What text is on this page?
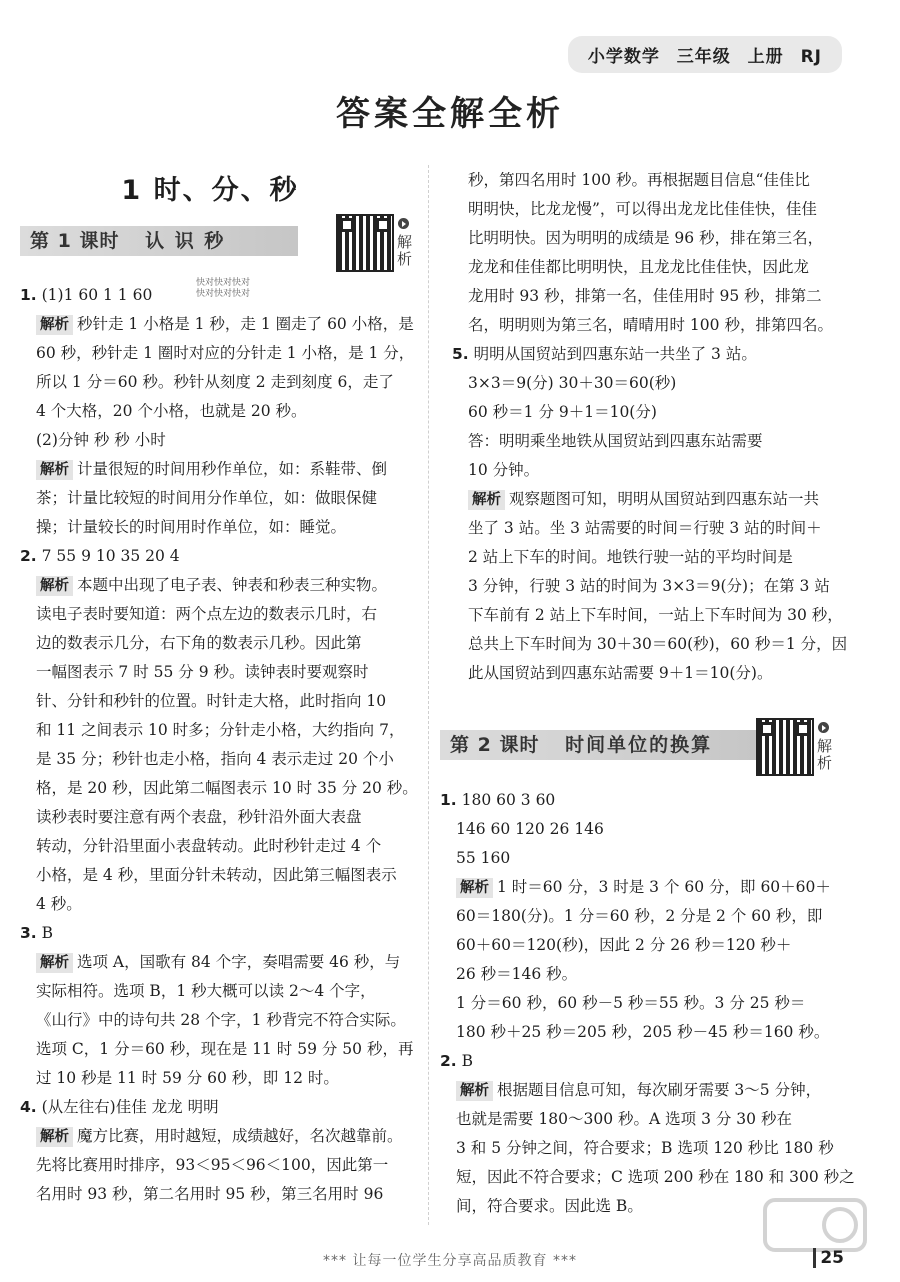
小学数学 三年级 上册 RJ
答案全解全析
1 时、分、秒
第 1 课时 认 识 秒	解析
快对快对快对
快对快对快对
1. (1)1 60 1 1 60
解析 秒针走 1 小格是 1 秒，走 1 圈走了 60 小格，是
60 秒，秒针走 1 圈时对应的分针走 1 小格，是 1 分，
所以 1 分＝60 秒。秒针从刻度 2 走到刻度 6，走了
4 个大格，20 个小格，也就是 20 秒。
(2)分钟 秒 秒 小时
解析 计量很短的时间用秒作单位，如：系鞋带、倒
茶；计量比较短的时间用分作单位，如：做眼保健
操；计量较长的时间用时作单位，如：睡觉。
2. 7 55 9 10 35 20 4
解析 本题中出现了电子表、钟表和秒表三种实物。
读电子表时要知道：两个点左边的数表示几时，右
边的数表示几分，右下角的数表示几秒。因此第
一幅图表示 7 时 55 分 9 秒。读钟表时要观察时
针、分针和秒针的位置。时针走大格，此时指向 10
和 11 之间表示 10 时多；分针走小格，大约指向 7，
是 35 分；秒针也走小格，指向 4 表示走过 20 个小
格，是 20 秒，因此第二幅图表示 10 时 35 分 20 秒。
读秒表时要注意有两个表盘，秒针沿外面大表盘
转动，分针沿里面小表盘转动。此时秒针走过 4 个
小格，是 4 秒，里面分针未转动，因此第三幅图表示
4 秒。
3. B
解析 选项 A，国歌有 84 个字，奏唱需要 46 秒，与
实际相符。选项 B，1 秒大概可以读 2～4 个字，
《山行》中的诗句共 28 个字，1 秒背完不符合实际。
选项 C，1 分＝60 秒，现在是 11 时 59 分 50 秒，再
过 10 秒是 11 时 59 分 60 秒，即 12 时。
4. (从左往右)佳佳 龙龙 明明
解析 魔方比赛，用时越短，成绩越好，名次越靠前。
先将比赛用时排序，93＜95＜96＜100，因此第一
名用时 93 秒，第二名用时 95 秒，第三名用时 96
秒，第四名用时 100 秒。再根据题目信息“佳佳比
明明快，比龙龙慢”，可以得出龙龙比佳佳快，佳佳
比明明快。因为明明的成绩是 96 秒，排在第三名，
龙龙和佳佳都比明明快，且龙龙比佳佳快，因此龙
龙用时 93 秒，排第一名，佳佳用时 95 秒，排第二
名，明明则为第三名，晴晴用时 100 秒，排第四名。
5. 明明从国贸站到四惠东站一共坐了 3 站。
3×3＝9(分) 30＋30＝60(秒)
60 秒＝1 分 9＋1＝10(分)
答：明明乘坐地铁从国贸站到四惠东站需要
10 分钟。
解析 观察题图可知，明明从国贸站到四惠东站一共
坐了 3 站。坐 3 站需要的时间＝行驶 3 站的时间＋
2 站上下车的时间。地铁行驶一站的平均时间是
3 分钟，行驶 3 站的时间为 3×3＝9(分)；在第 3 站
下车前有 2 站上下车时间，一站上下车时间为 30 秒，
总共上下车时间为 30＋30＝60(秒)，60 秒＝1 分，因
此从国贸站到四惠东站需要 9＋1＝10(分)。
第 2 课时 时间单位的换算	解析
1. 180 60 3 60
146 60 120 26 146
55 160
解析 1 时＝60 分，3 时是 3 个 60 分，即 60＋60＋
60＝180(分)。1 分＝60 秒，2 分是 2 个 60 秒，即
60＋60＝120(秒)，因此 2 分 26 秒＝120 秒＋
26 秒＝146 秒。
1 分＝60 秒，60 秒－5 秒＝55 秒。3 分 25 秒＝
180 秒＋25 秒＝205 秒，205 秒－45 秒＝160 秒。
2. B
解析 根据题目信息可知，每次刷牙需要 3～5 分钟，
也就是需要 180～300 秒。A 选项 3 分 30 秒在
3 和 5 分钟之间，符合要求；B 选项 120 秒比 180 秒
短，因此不符合要求；C 选项 200 秒在 180 和 300 秒之
间，符合要求。因此选 B。
*** 让每一位学生分享高品质教育 ***	25
